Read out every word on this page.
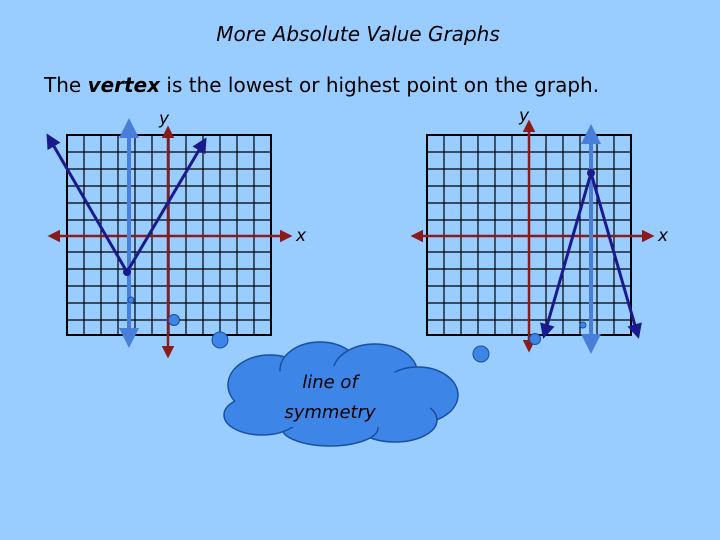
More Absolute Value Graphs
The vertex is the lowest or highest point on the graph.
y
x
y
x
line of
symmetry
